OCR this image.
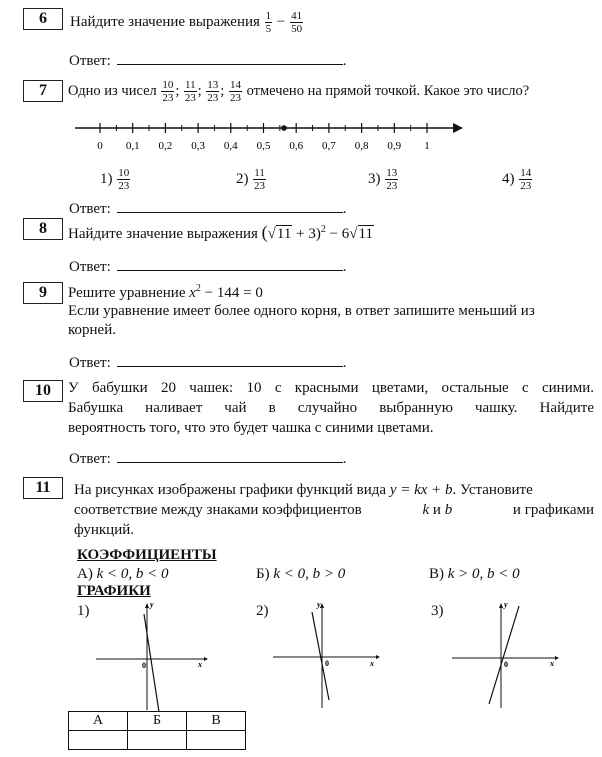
6	Найдите значение выражения $\frac{1}{5} - \frac{41}{50}$
Ответ:	.
7	Одно из чисел $\frac{10}{23}$ ; $\frac{11}{23}$ ; $\frac{13}{23}$ ; $\frac{14}{23}$ отмечено на прямой точкой. Какое это число?
0 0,1 0,2 0,3 0,4 0,5 0,6 0,7 0,8 0,9 1
$1) \frac{10}{23}$	$2) \frac{11}{23}$	$3) \frac{13}{23}$	$4) \frac{14}{23}$
Ответ:	.
8	Найдите значение выражения $(√11 + 3)^2 - 6√11$
Ответ:	.
9	Решите уравнение $x^2 - 144 = 0$
Если уравнение имеет более одного корня, в ответ запишите меньший из
корней.
Ответ:	.
10	У бабушки 20 чашек: 10 с красными цветами, остальные с синими.
Бабушка наливает чай в случайно выбранную чашку. Найдите
вероятность того, что это будет чашка с синими цветами.
Ответ:	.
11	На рисунках изображены графики функций вида y = kx + b. Установите
соответствие между знаками коэффициентов	k и b	и графиками
функций.
КОЭФФИЦИЕНТЫ
А) k < 0, b < 0	Б) k < 0, b > 0	В) k > 0, b < 0
ГРАФИКИ
1)	2)	3)
y
x
0
y
x
0
y
x
0
А	Б	В
